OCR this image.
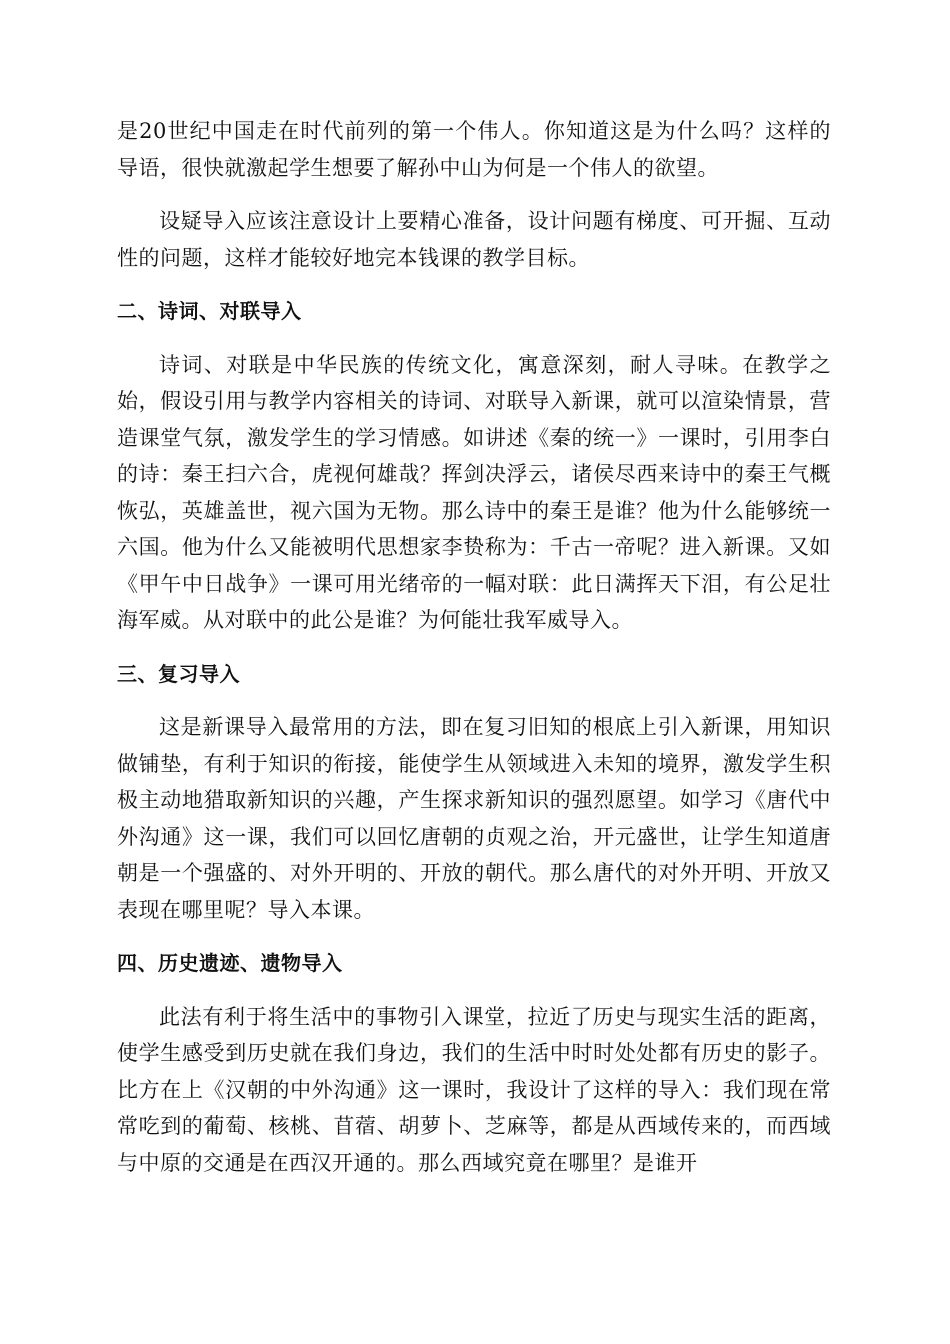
是20世纪中国走在时代前列的第一个伟人。你知道这是为什么吗？这样的导语，很快就激起学生想要了解孙中山为何是一个伟人的欲望。

设疑导入应该注意设计上要精心准备，设计问题有梯度、可开掘、互动性的问题，这样才能较好地完本钱课的教学目标。

二、诗词、对联导入

诗词、对联是中华民族的传统文化，寓意深刻，耐人寻味。在教学之始，假设引用与教学内容相关的诗词、对联导入新课，就可以渲染情景，营造课堂气氛，激发学生的学习情感。如讲述《秦的统一》一课时，引用李白的诗：秦王扫六合，虎视何雄哉？挥剑决浮云，诸侯尽西来诗中的秦王气概恢弘，英雄盖世，视六国为无物。那么诗中的秦王是谁？他为什么能够统一六国。他为什么又能被明代思想家李贽称为：千古一帝呢？进入新课。又如《甲午中日战争》一课可用光绪帝的一幅对联：此日满挥天下泪，有公足壮海军威。从对联中的此公是谁？为何能壮我军威导入。

三、复习导入

这是新课导入最常用的方法，即在复习旧知的根底上引入新课，用知识做铺垫，有利于知识的衔接，能使学生从领域进入未知的境界，激发学生积极主动地猎取新知识的兴趣，产生探求新知识的强烈愿望。如学习《唐代中外沟通》这一课，我们可以回忆唐朝的贞观之治，开元盛世，让学生知道唐朝是一个强盛的、对外开明的、开放的朝代。那么唐代的对外开明、开放又表现在哪里呢？导入本课。

四、历史遗迹、遗物导入

此法有利于将生活中的事物引入课堂，拉近了历史与现实生活的距离，使学生感受到历史就在我们身边，我们的生活中时时处处都有历史的影子。比方在上《汉朝的中外沟通》这一课时，我设计了这样的导入：我们现在常常吃到的葡萄、核桃、苜蓿、胡萝卜、芝麻等，都是从西域传来的，而西域与中原的交通是在西汉开通的。那么西域究竟在哪里？是谁开
